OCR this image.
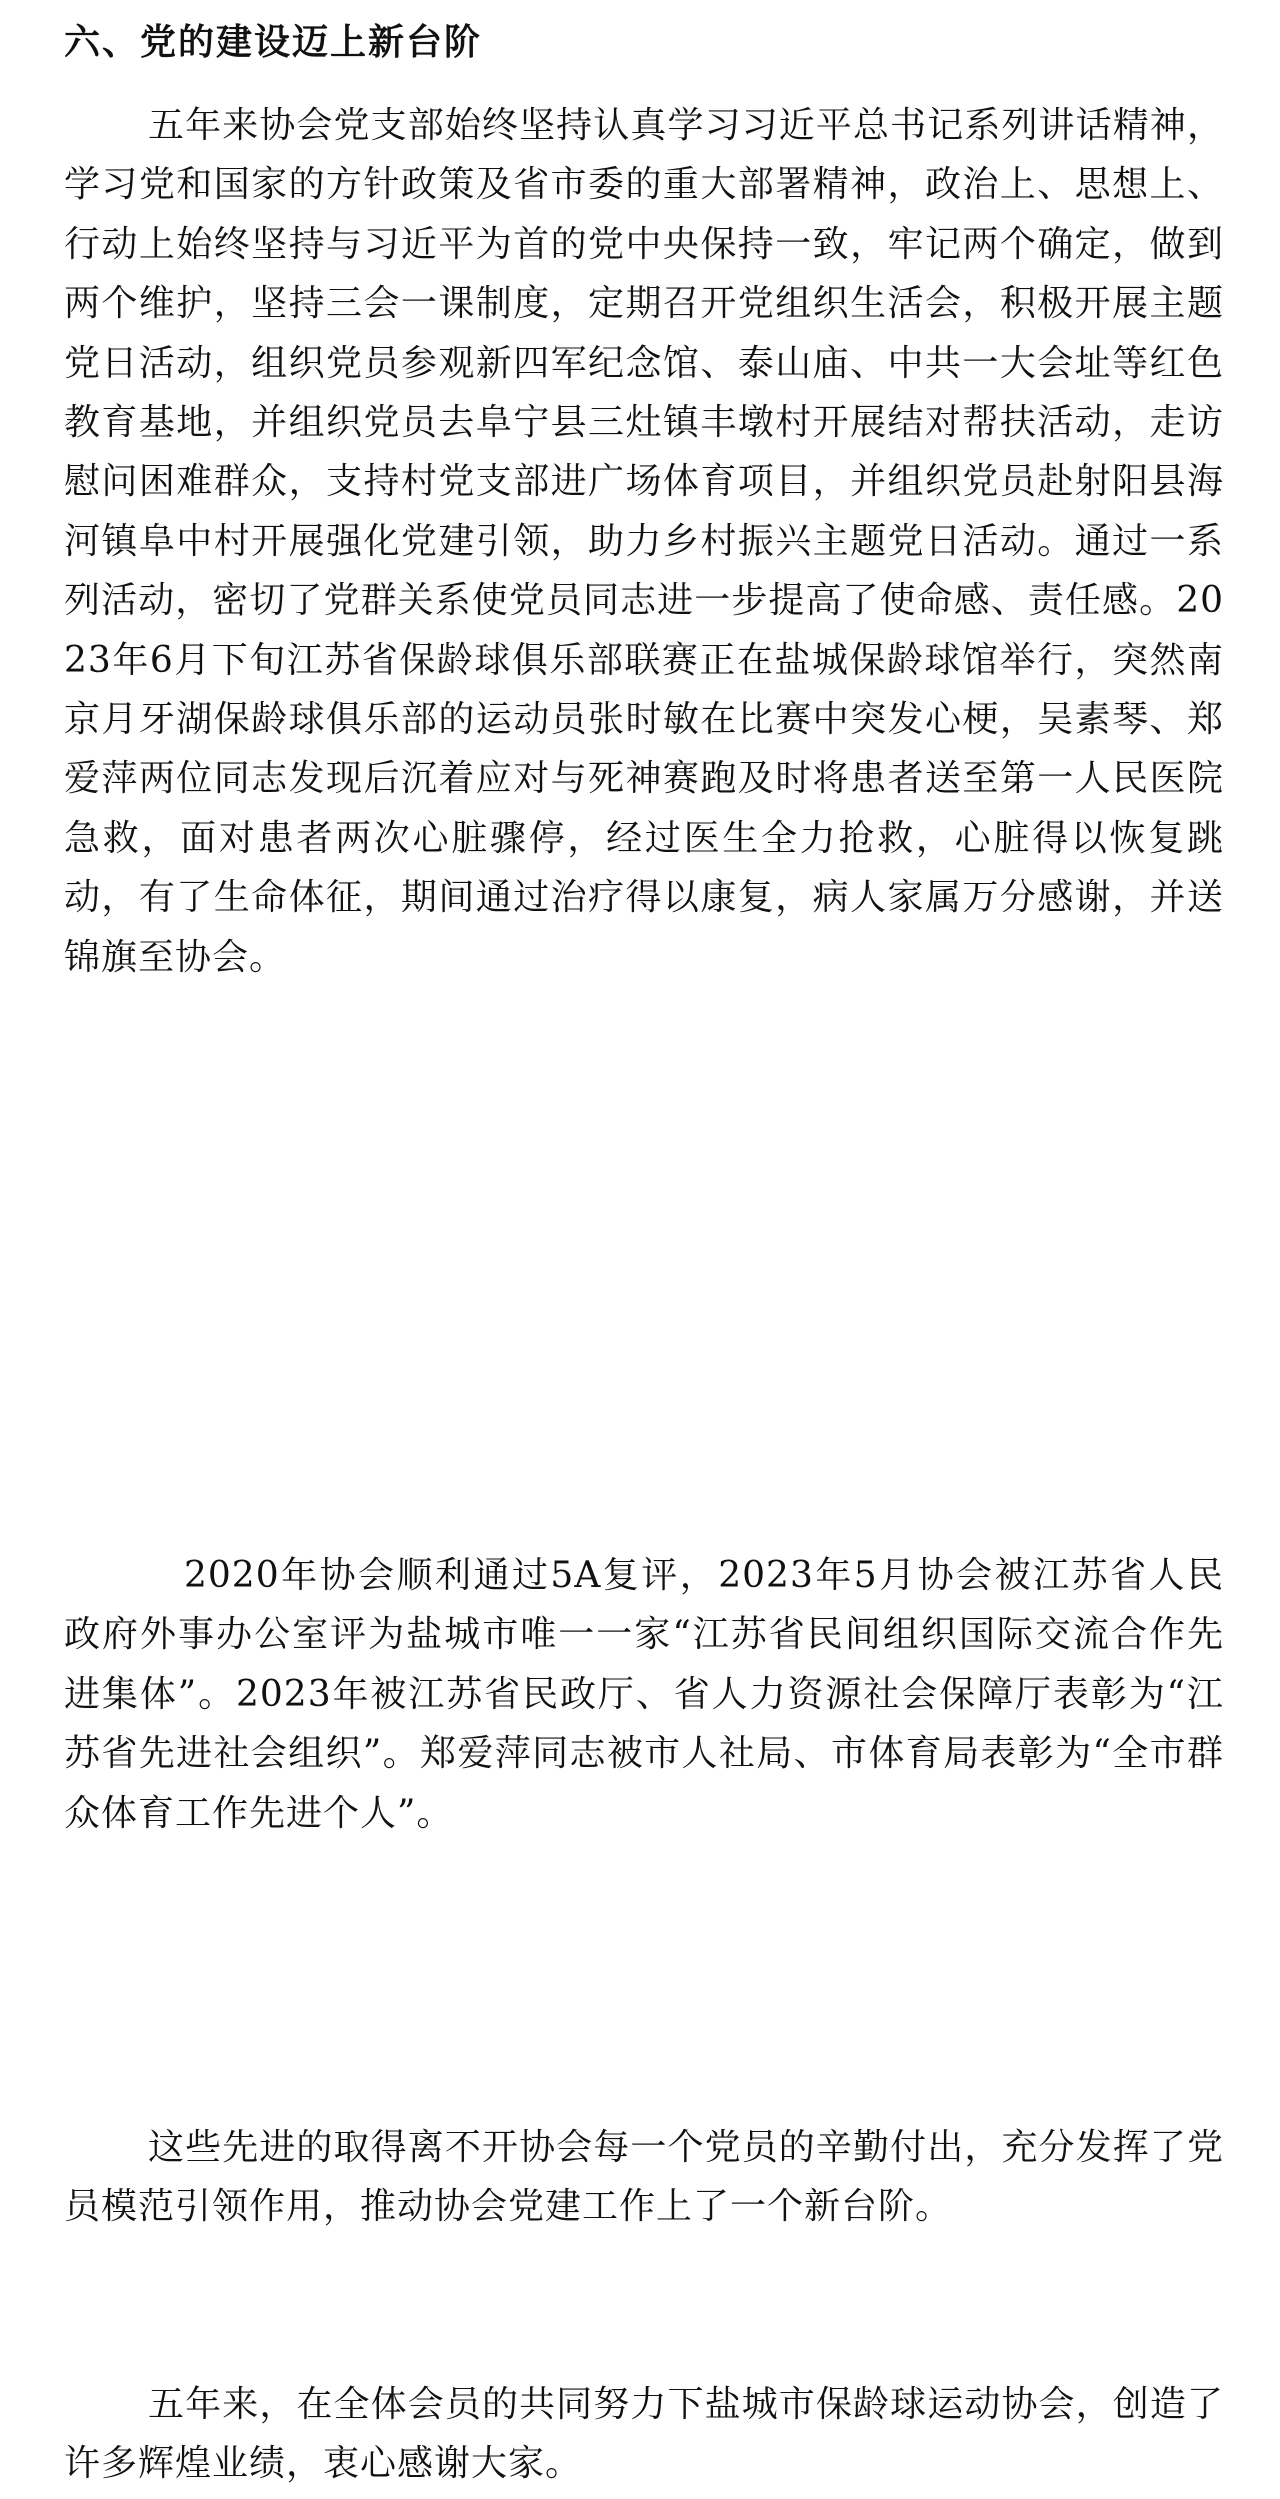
六、党的建设迈上新台阶

五年来协会党支部始终坚持认真学习习近平总书记系列讲话精神，学习党和国家的方针政策及省市委的重大部署精神，政治上、思想上、行动上始终坚持与习近平为首的党中央保持一致，牢记两个确定，做到两个维护，坚持三会一课制度，定期召开党组织生活会，积极开展主题党日活动，组织党员参观新四军纪念馆、泰山庙、中共一大会址等红色教育基地，并组织党员去阜宁县三灶镇丰墩村开展结对帮扶活动，走访慰问困难群众，支持村党支部进广场体育项目，并组织党员赴射阳县海河镇阜中村开展强化党建引领，助力乡村振兴主题党日活动。通过一系列活动，密切了党群关系使党员同志进一步提高了使命感、责任感。2023年6月下旬江苏省保龄球俱乐部联赛正在盐城保龄球馆举行，突然南京月牙湖保龄球俱乐部的运动员张时敏在比赛中突发心梗，吴素琴、郑爱萍两位同志发现后沉着应对与死神赛跑及时将患者送至第一人民医院急救，面对患者两次心脏骤停，经过医生全力抢救，心脏得以恢复跳动，有了生命体征，期间通过治疗得以康复，病人家属万分感谢，并送锦旗至协会。

2020年协会顺利通过5A复评，2023年5月协会被江苏省人民政府外事办公室评为盐城市唯一一家“江苏省民间组织国际交流合作先进集体”。2023年被江苏省民政厅、省人力资源社会保障厅表彰为“江苏省先进社会组织”。郑爱萍同志被市人社局、市体育局表彰为“全市群众体育工作先进个人”。

这些先进的取得离不开协会每一个党员的辛勤付出，充分发挥了党员模范引领作用，推动协会党建工作上了一个新台阶。

五年来，在全体会员的共同努力下盐城市保龄球运动协会，创造了许多辉煌业绩，衷心感谢大家。
